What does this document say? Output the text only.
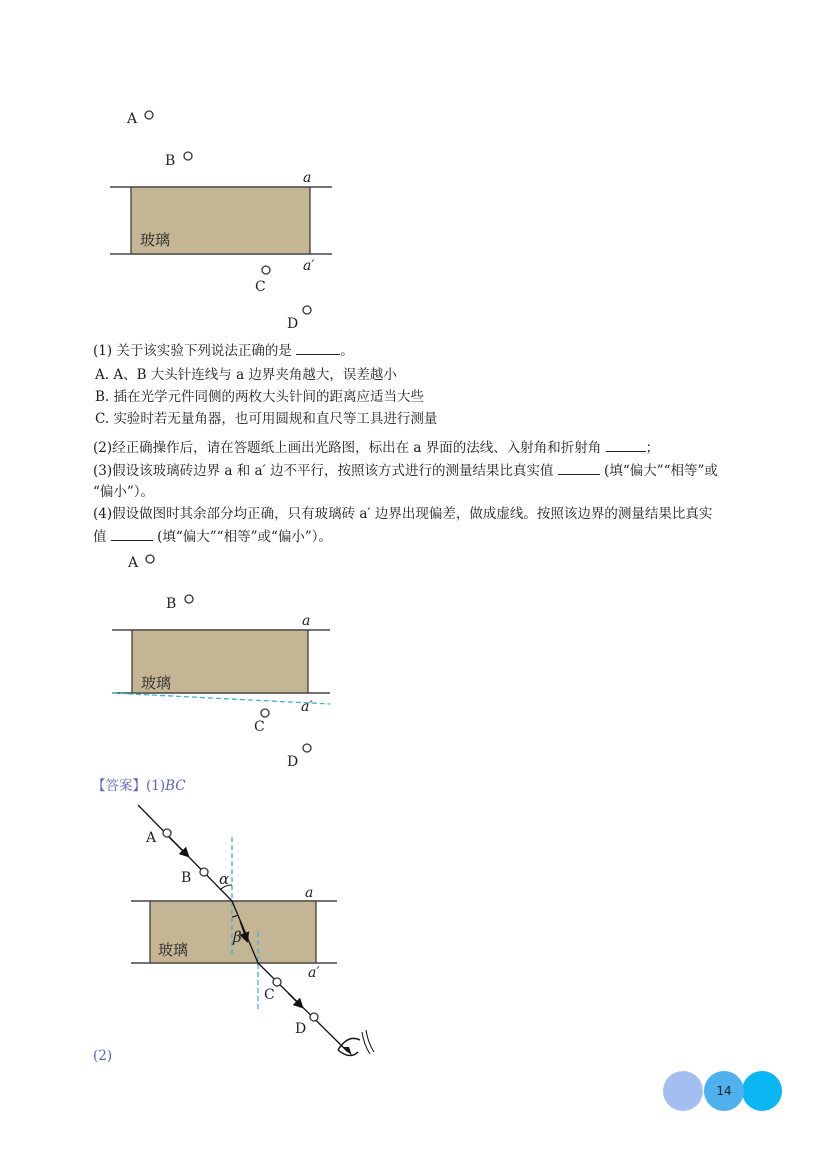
玻璃
a
a′
A
B
C
D
(1) 关于该实验下列说法正确的是	。
A. A、B 大头针连线与 a 边界夹角越大，误差越小
B. 插在光学元件同侧的两枚大头针间的距离应适当大些
C. 实验时若无量角器，也可用圆规和直尺等工具进行测量
(2)经正确操作后，请在答题纸上画出光路图，标出在 a 界面的法线、入射角和折射角	；
(3)假设该玻璃砖边界 a 和 a′ 边不平行，按照该方式进行的测量结果比真实值	(填“偏大”“相等”或
“偏小”）。
(4)假设做图时其余部分均正确，只有玻璃砖 a′ 边界出现偏差，做成虚线。按照该边界的测量结果比真实
值	(填“偏大”“相等”或“偏小”）。
玻璃
a
a′
A
B
C
D
【答案】(1)BC
α
β
A
B
C
D
a
a′
玻璃
(2)
14
